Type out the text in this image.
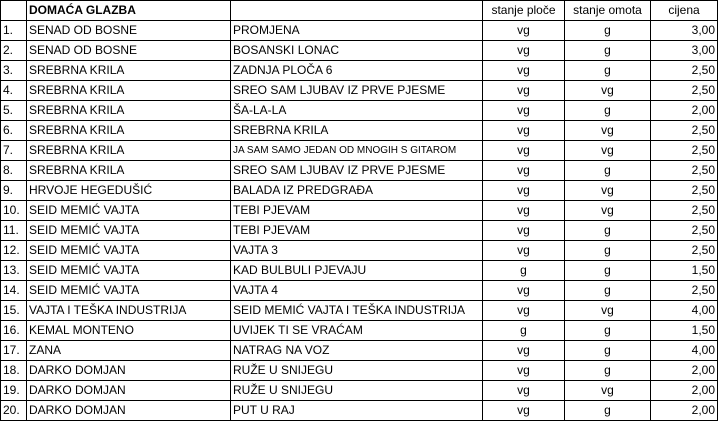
	DOMAĆA GLAZBA		stanje ploče	stanje omota	cijena
1.	SENAD OD BOSNE	PROMJENA	vg	g	3,00
2.	SENAD OD BOSNE	BOSANSKI LONAC	vg	g	3,00
3.	SREBRNA KRILA	ZADNJA PLOČA 6	vg	g	2,50
4.	SREBRNA KRILA	SREO SAM LJUBAV IZ PRVE PJESME	vg	vg	2,50
5.	SREBRNA KRILA	ŠA-LA-LA	vg	g	2,00
6.	SREBRNA KRILA	SREBRNA KRILA	vg	vg	2,50
7.	SREBRNA KRILA	JA SAM SAMO JEDAN OD MNOGIH S GITAROM	vg	vg	2,50
8.	SREBRNA KRILA	SREO SAM LJUBAV IZ PRVE PJESME	vg	g	2,50
9.	HRVOJE HEGEDUŠIĆ	BALADA IZ PREDGRAĐA	vg	vg	2,50
10.	SEID MEMIĆ VAJTA	TEBI PJEVAM	vg	vg	2,50
11.	SEID MEMIĆ VAJTA	TEBI PJEVAM	vg	g	2,50
12.	SEID MEMIĆ VAJTA	VAJTA 3	vg	g	2,50
13.	SEID MEMIĆ VAJTA	KAD BULBULI PJEVAJU	g	g	1,50
14.	SEID MEMIĆ VAJTA	VAJTA 4	vg	g	2,50
15.	VAJTA I TEŠKA INDUSTRIJA	SEID MEMIĆ VAJTA I TEŠKA INDUSTRIJA	vg	vg	4,00
16.	KEMAL MONTENO	UVIJEK TI SE VRAĆAM	g	g	1,50
17.	ZANA	NATRAG NA VOZ	vg	g	4,00
18.	DARKO DOMJAN	RUŽE U SNIJEGU	vg	g	2,00
19.	DARKO DOMJAN	RUŽE U SNIJEGU	vg	vg	2,00
20.	DARKO DOMJAN	PUT U RAJ	vg	g	2,00
